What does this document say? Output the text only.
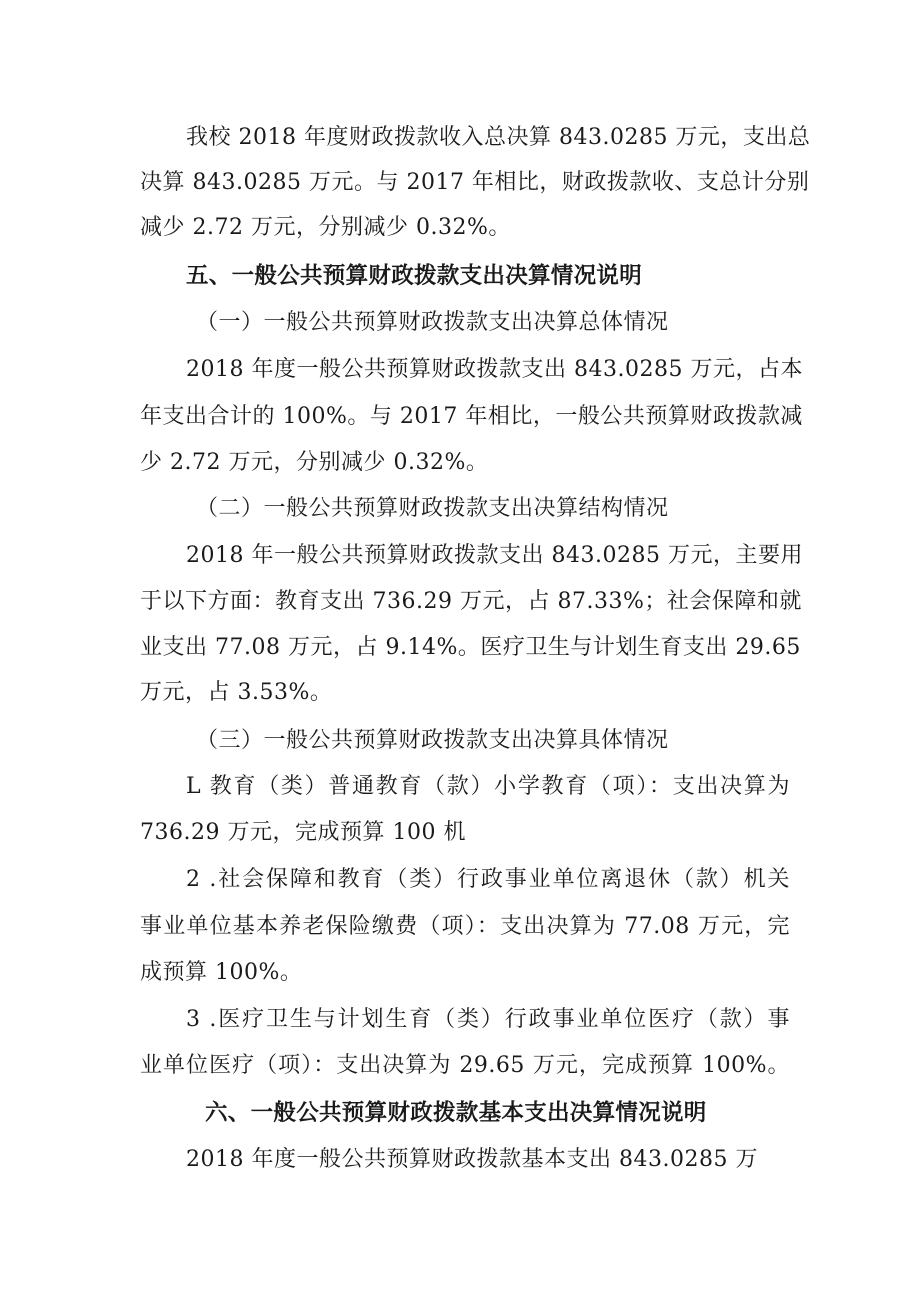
我校 2018 年度财政拨款收入总决算 843.0285 万元，支出总
决算 843.0285 万元。与 2017 年相比，财政拨款收、支总计分别
减少 2.72 万元，分别减少 0.32%。
五、一般公共预算财政拨款支出决算情况说明
（一）一般公共预算财政拨款支出决算总体情况
2018 年度一般公共预算财政拨款支出 843.0285 万元，占本
年支出合计的 100%。与 2017 年相比，一般公共预算财政拨款减
少 2.72 万元，分别减少 0.32%。
（二）一般公共预算财政拨款支出决算结构情况
2018 年一般公共预算财政拨款支出 843.0285 万元，主要用
于以下方面：教育支出 736.29 万元，占 87.33%；社会保障和就
业支出 77.08 万元，占 9.14%。医疗卫生与计划生育支出 29.65
万元，占 3.53%。
（三）一般公共预算财政拨款支出决算具体情况
L 教育（类）普通教育（款）小学教育（项）：支出决算为
736.29 万元，完成预算 100 机
2 .社会保障和教育（类）行政事业单位离退休（款）机关
事业单位基本养老保险缴费（项）：支出决算为 77.08 万元，完
成预算 100%。
3 .医疗卫生与计划生育（类）行政事业单位医疗（款）事
业单位医疗（项）：支出决算为 29.65 万元，完成预算 100%。
六、一般公共预算财政拨款基本支出决算情况说明
2018 年度一般公共预算财政拨款基本支出 843.0285 万
